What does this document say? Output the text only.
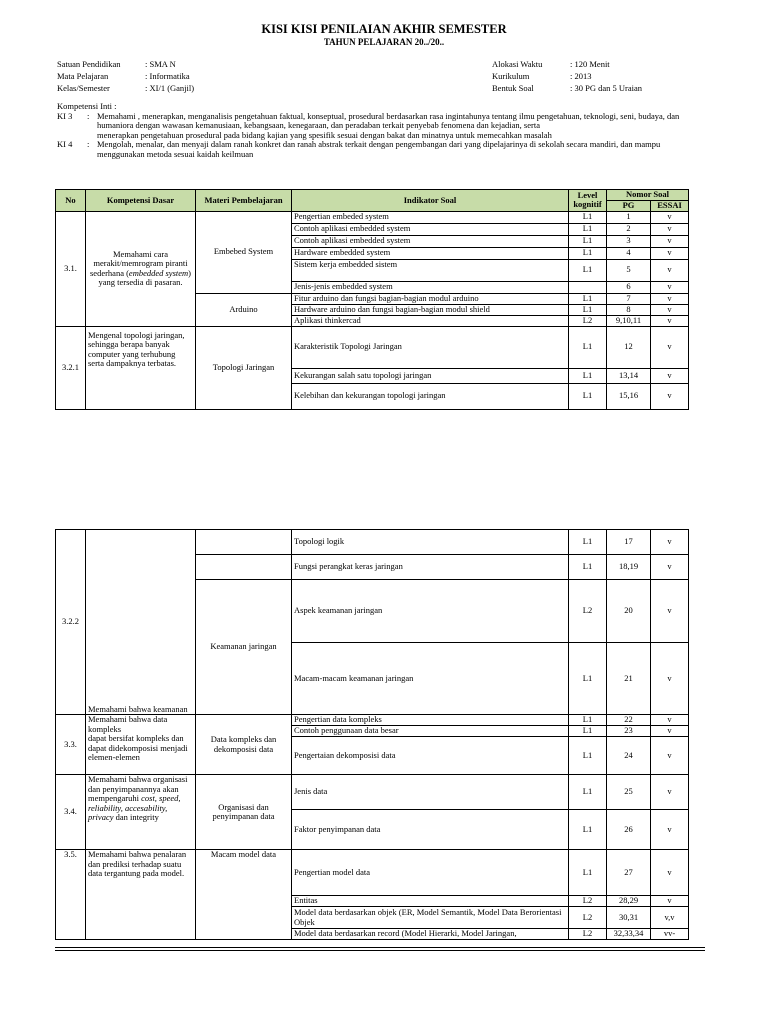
KISI KISI PENILAIAN AKHIR SEMESTER
TAHUN PELAJARAN 20../20..
Satuan Pendidikan	: SMA N
Mata Pelajaran	: Informatika
Kelas/Semester	: XI/1 (Ganjil)
Alokasi Waktu	: 120 Menit
Kurikulum	: 2013
Bentuk Soal	: 30 PG dan 5 Uraian
Kompetensi Inti :
KI 3	: Memahami , menerapkan, menganalisis pengetahuan faktual, konseptual, prosedural berdasarkan rasa ingintahunya tentang ilmu pengetahuan, teknologi, seni, budaya, dan
humaniora dengan wawasan kemanusiaan, kebangsaan, kenegaraan, dan peradaban terkait penyebab fenomena dan kejadian, serta
menerapkan pengetahuan prosedural pada bidang kajian yang spesifik sesuai dengan bakat dan minatnya untuk memecahkan masalah
KI 4	: Mengolah, menalar, dan menyaji dalam ranah konkret dan ranah abstrak terkait dengan pengembangan dari yang dipelajarinya di sekolah secara mandiri, dan mampu
menggunakan metoda sesuai kaidah keilmuan
No	Kompetensi Dasar	Materi Pembelajaran	Indikator Soal	Level kognitif	Nomor Soal	
					PG	ESSAI
3.1.	Memahami cara merakit/memrogram piranti sederhana (embedded system) yang tersedia di pasaran.	Embebed System	Pengertian embeded system	L1	1	v
			Contoh aplikasi embedded system	L1	2	v
			Contoh aplikasi embedded system	L1	3	v
			Hardware embedded system	L1	4	v
			Sistem kerja embedded sistem	L1	5	v
			Jenis-jenis embedded system		6	v
		Arduino	Fitur arduino dan fungsi bagian-bagian modul arduino	L1	7	v
			Hardware arduino dan fungsi bagian-bagian modul shield	L1	8	v
			Aplikasi thinkercad	L2	9,10,11	v
3.2.1	Mengenal topologi jaringan, sehingga berapa banyak computer yang terhubung serta dampaknya terbatas.	Topologi Jaringan	Karakteristik Topologi Jaringan	L1	12	v
			Kekurangan salah satu topologi jaringan	L1	13,14	v
			Kelebihan dan kekurangan topologi jaringan	L1	15,16	v
3.2.2	Memahami bahwa keamanan		Topologi logik	L1	17	v
			Fungsi perangkat keras jaringan	L1	18,19	v
		Keamanan jaringan	Aspek keamanan jaringan	L2	20	v
			Macam-macam keamanan jaringan	L1	21	v
3.3.	Memahami bahwa data kompleks
dapat bersifat kompleks dan dapat didekomposisi menjadi elemen-elemen	Data kompleks dan dekomposisi data	Pengertian data kompleks	L1	22	v
			Contoh penggunaan data besar	L1	23	v
			Pengertaian dekomposisi data	L1	24	v
3.4.	Memahami bahwa organisasi dan penyimpanannya akan mempengaruhi cost, speed, reliability, accesability, privacy dan integrity	Organisasi dan penyimpanan data	Jenis data	L1	25	v
			Faktor penyimpanan data	L1	26	v
3.5.	Memahami bahwa penalaran dan prediksi terhadap suatu data tergantung pada model.	Macam model data	Pengertian model data	L1	27	v
			Entitas	L2	28,29	v
			Model data berdasarkan objek (ER, Model Semantik, Model Data Berorientasi Objek	L2	30,31	v,v
			Model data berdasarkan record (Model Hierarki, Model Jaringan,	L2	32,33,34	vv-
